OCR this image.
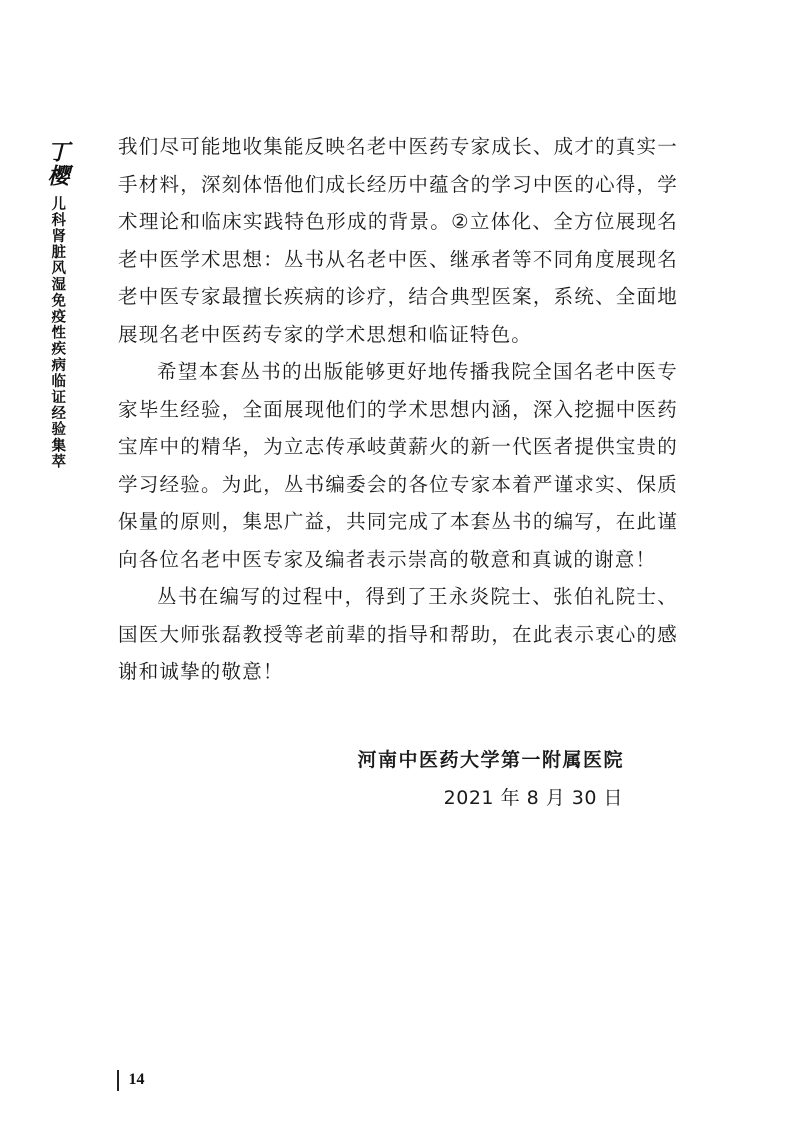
丁樱
儿科肾脏风湿免疫性疾病临证经验集萃

我们尽可能地收集能反映名老中医药专家成长、成才的真实一手材料，深刻体悟他们成长经历中蕴含的学习中医的心得，学术理论和临床实践特色形成的背景。②立体化、全方位展现名老中医学术思想：丛书从名老中医、继承者等不同角度展现名老中医专家最擅长疾病的诊疗，结合典型医案，系统、全面地展现名老中医药专家的学术思想和临证特色。

希望本套丛书的出版能够更好地传播我院全国名老中医专家毕生经验，全面展现他们的学术思想内涵，深入挖掘中医药宝库中的精华，为立志传承岐黄薪火的新一代医者提供宝贵的学习经验。为此，丛书编委会的各位专家本着严谨求实、保质保量的原则，集思广益，共同完成了本套丛书的编写，在此谨向各位名老中医专家及编者表示崇高的敬意和真诚的谢意！

丛书在编写的过程中，得到了王永炎院士、张伯礼院士、国医大师张磊教授等老前辈的指导和帮助，在此表示衷心的感谢和诚挚的敬意！

河南中医药大学第一附属医院
2021 年 8 月 30 日
14
